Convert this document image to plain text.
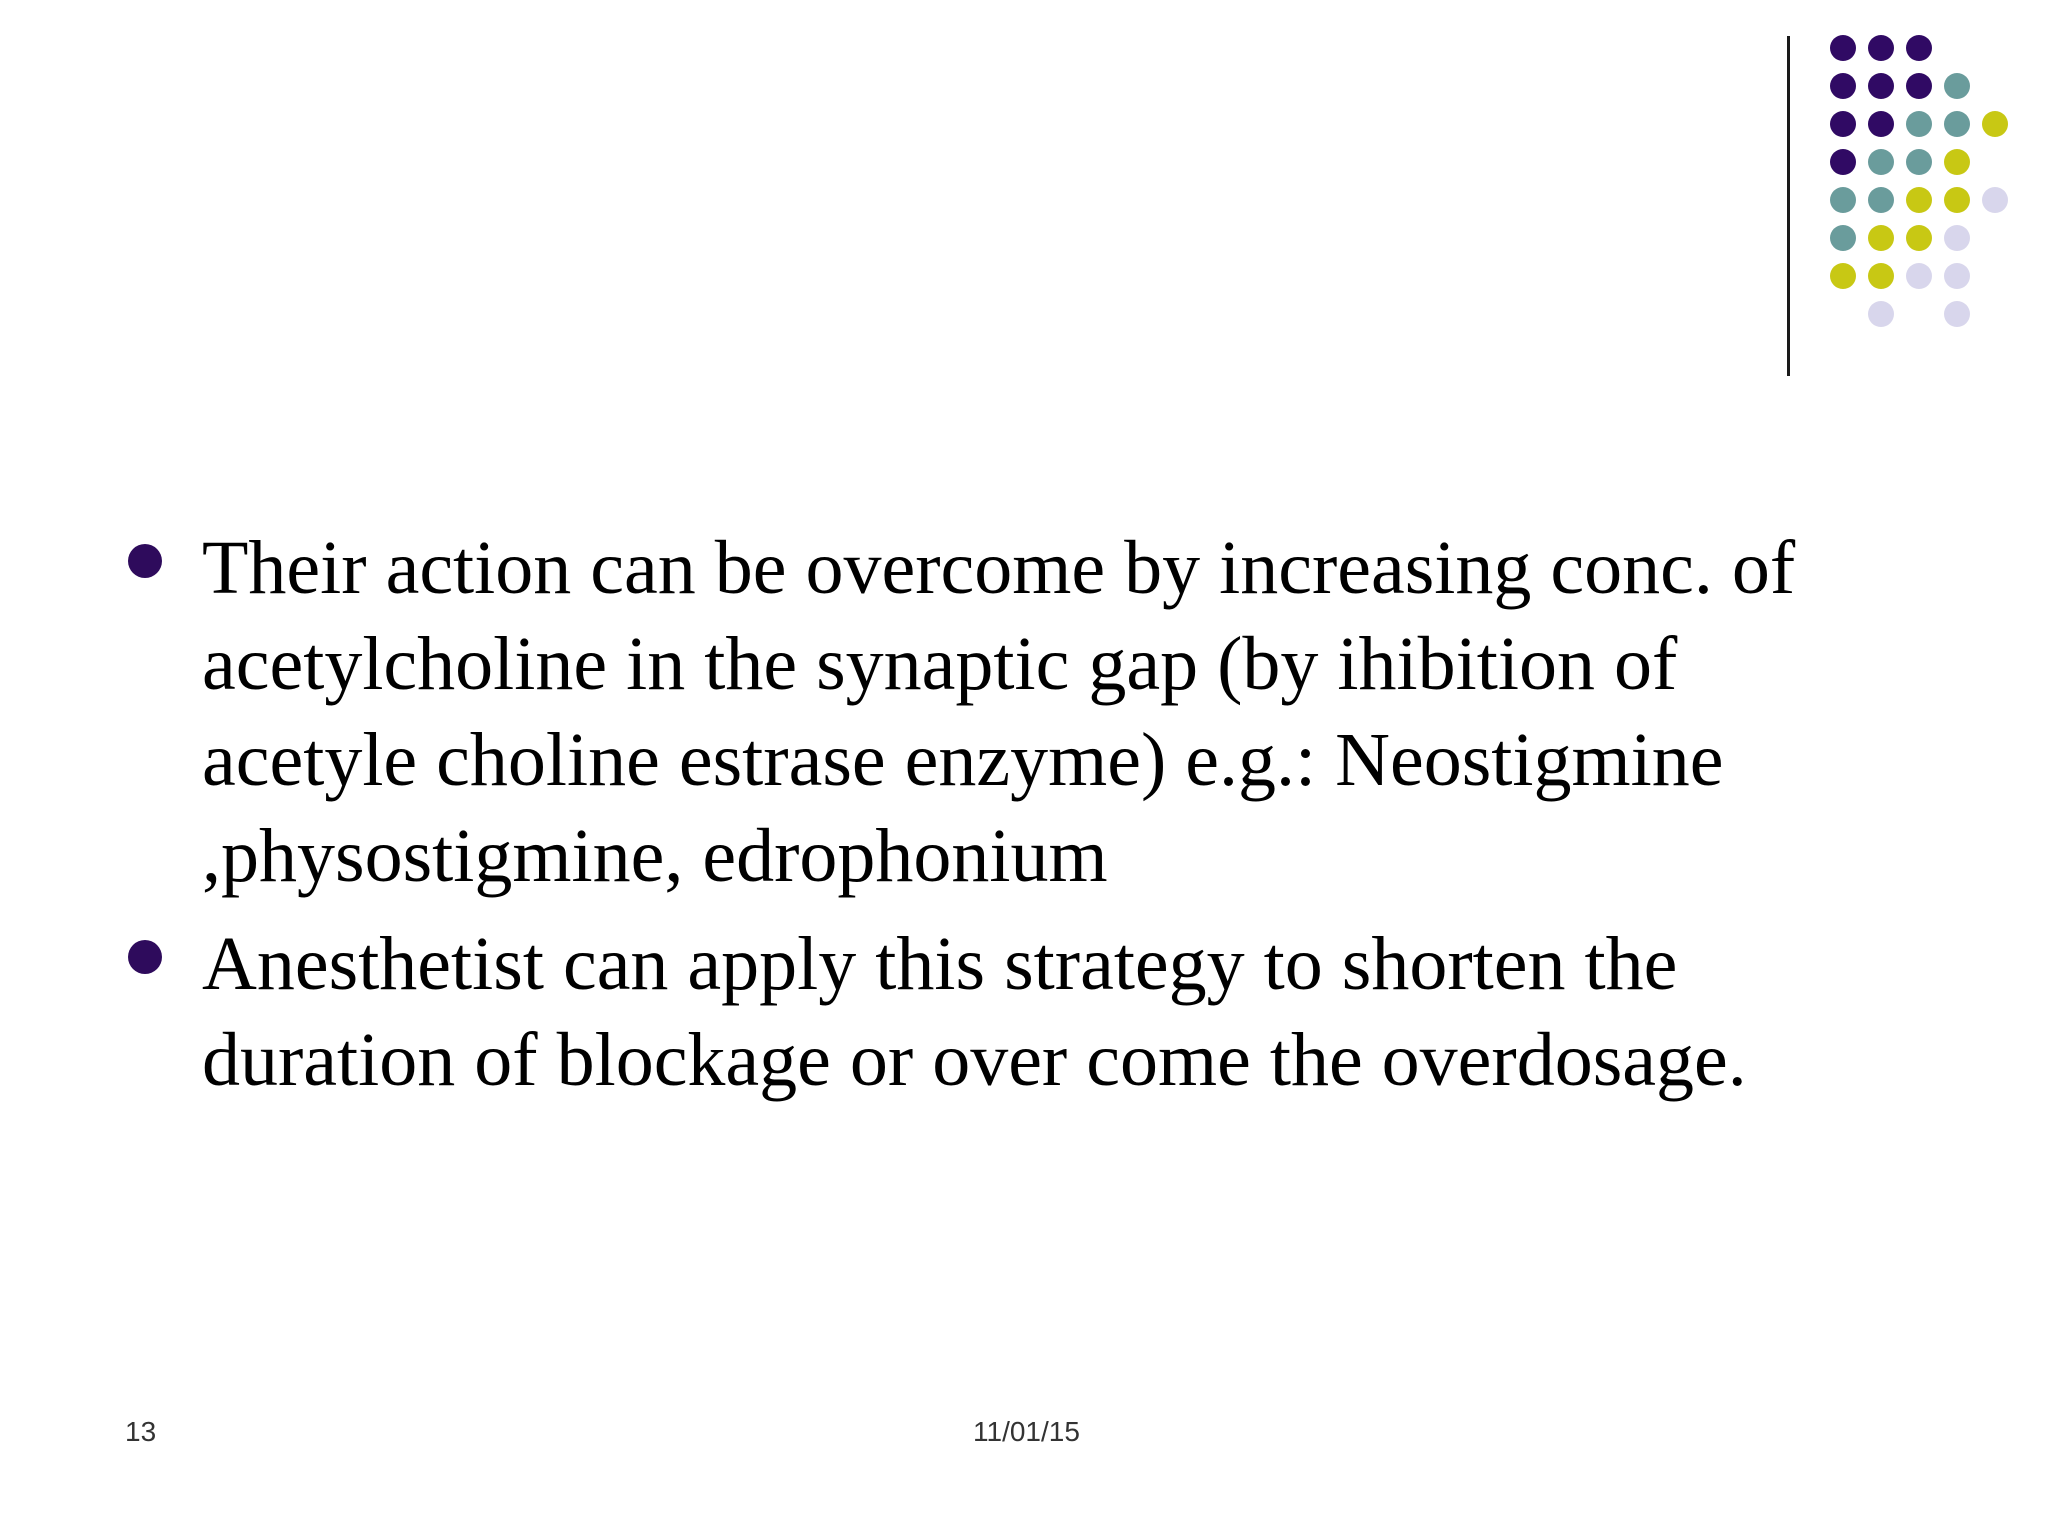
Their action can be overcome by increasing conc. of
acetylcholine in the synaptic gap (by ihibition of
acetyle choline estrase enzyme) e.g.: Neostigmine
,physostigmine, edrophonium
Anesthetist can apply this strategy to shorten the
duration of blockage or over come the overdosage.
13	11/01/15
